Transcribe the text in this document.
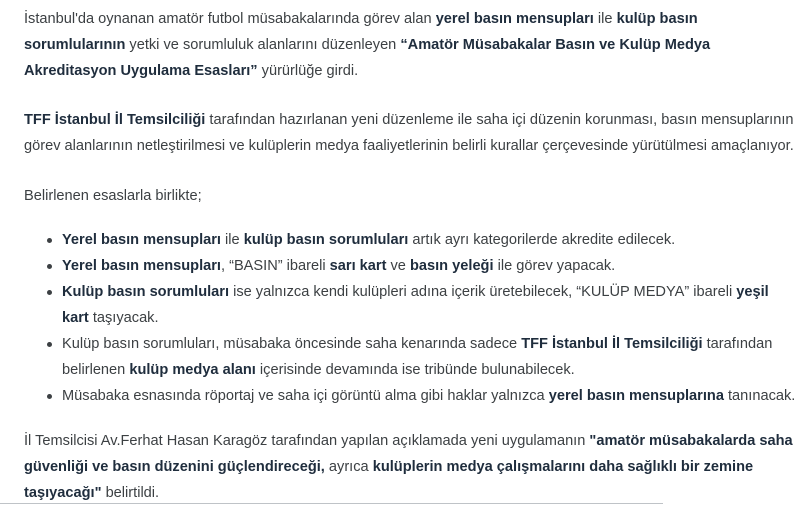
İstanbul'da oynanan amatör futbol müsabakalarında görev alan yerel basın mensupları ile kulüp basın sorumlularının yetki ve sorumluluk alanlarını düzenleyen “Amatör Müsabakalar Basın ve Kulüp Medya Akreditasyon Uygulama Esasları” yürürlüğe girdi.

TFF İstanbul İl Temsilciliği tarafından hazırlanan yeni düzenleme ile saha içi düzenin korunması, basın mensuplarının görev alanlarının netleştirilmesi ve kulüplerin medya faaliyetlerinin belirli kurallar çerçevesinde yürütülmesi amaçlanıyor.

Belirlenen esaslarla birlikte;

Yerel basın mensupları ile kulüp basın sorumluları artık ayrı kategorilerde akredite edilecek.
Yerel basın mensupları, “BASIN” ibareli sarı kart ve basın yeleği ile görev yapacak.
Kulüp basın sorumluları ise yalnızca kendi kulüpleri adına içerik üretebilecek, “KULÜP MEDYA” ibareli yeşil kart taşıyacak.
Kulüp basın sorumluları, müsabaka öncesinde saha kenarında sadece TFF İstanbul İl Temsilciliği tarafından belirlenen kulüp medya alanı içerisinde devamında ise tribünde bulunabilecek.
Müsabaka esnasında röportaj ve saha içi görüntü alma gibi haklar yalnızca yerel basın mensuplarına tanınacak.

İl Temsilcisi Av.Ferhat Hasan Karagöz tarafından yapılan açıklamada yeni uygulamanın "amatör müsabakalarda saha güvenliği ve basın düzenini güçlendireceği, ayrıca kulüplerin medya çalışmalarını daha sağlıklı bir zemine taşıyacağı" belirtildi.
